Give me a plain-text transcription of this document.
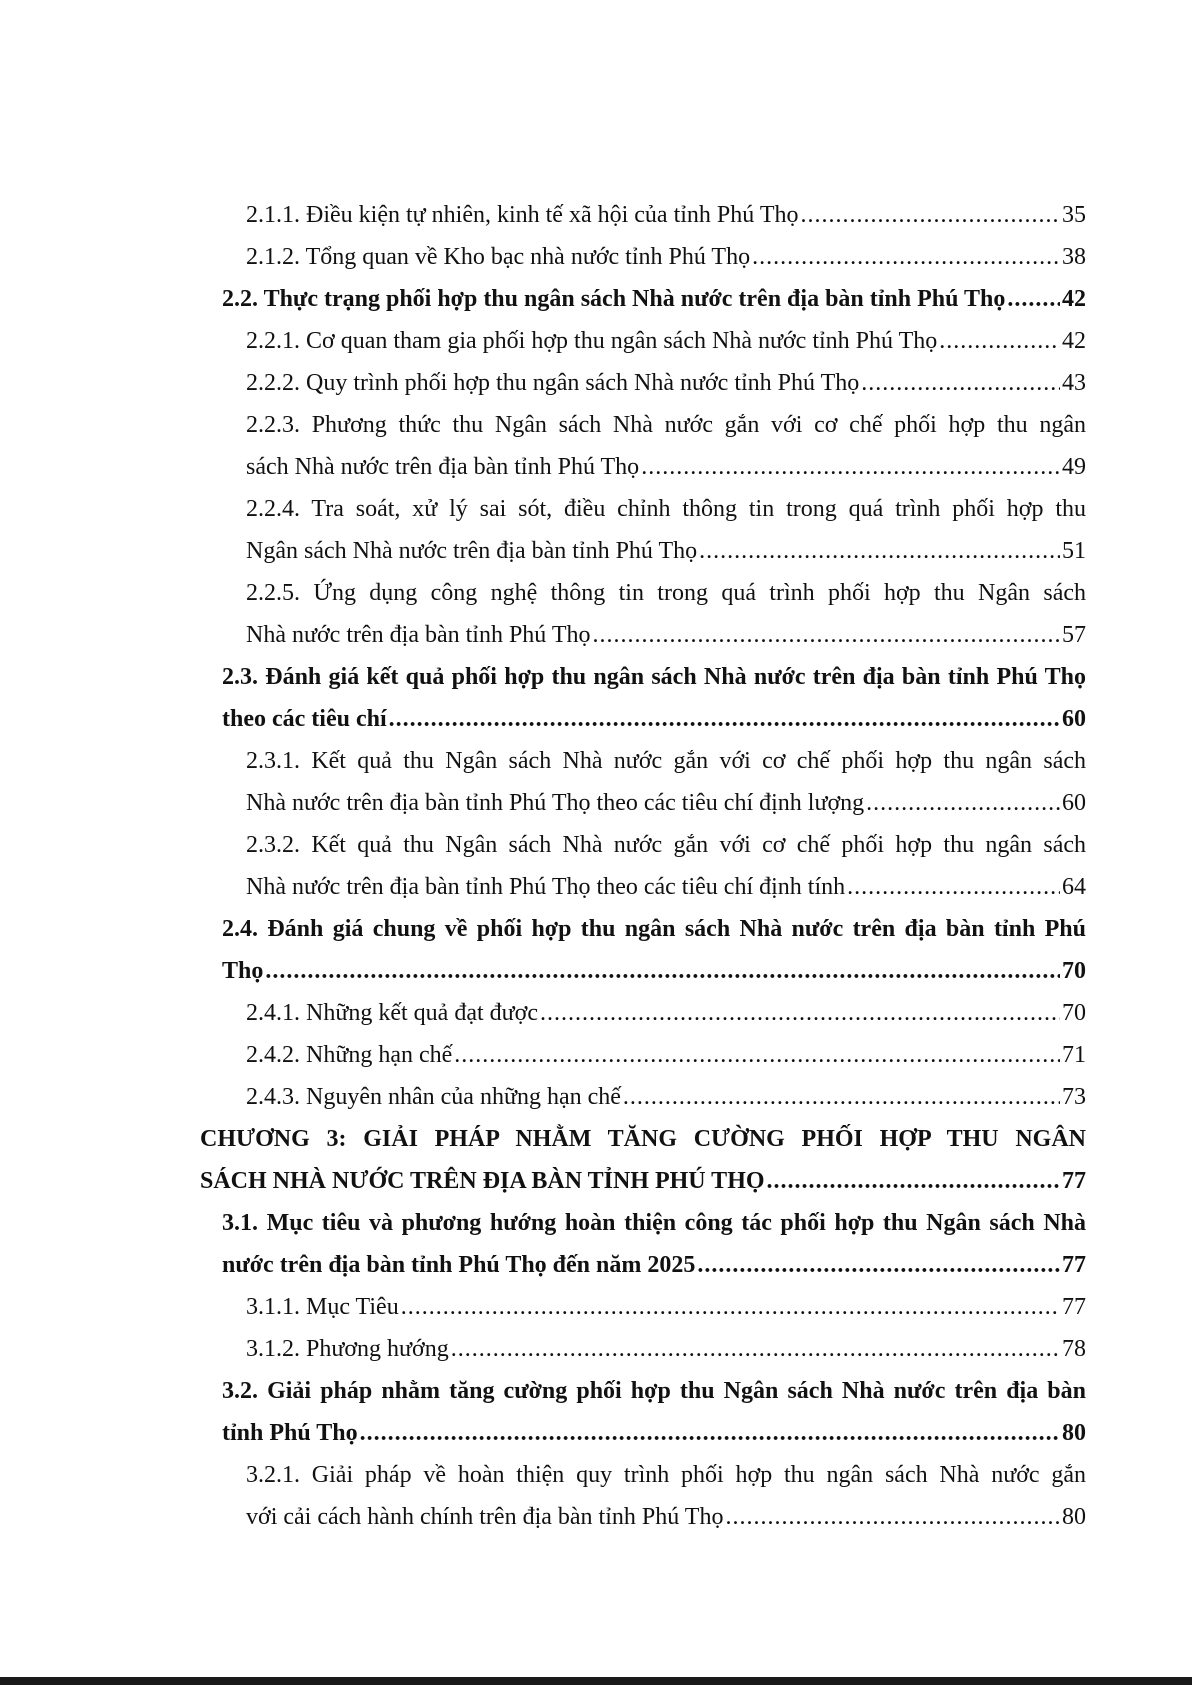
2.1.1. Điều kiện tự nhiên, kinh tế xã hội của tỉnh Phú Thọ .....	35
2.1.2. Tổng quan về Kho bạc nhà nước tỉnh Phú Thọ .....	38
2.2. Thực trạng phối hợp thu ngân sách Nhà nước trên địa bàn tỉnh Phú Thọ ..... 42
2.2.1. Cơ quan tham gia phối hợp thu ngân sách Nhà nước tỉnh Phú Thọ .....	42
2.2.2. Quy trình phối hợp thu ngân sách Nhà nước tỉnh Phú Thọ .....	43
2.2.3. Phương thức thu Ngân sách Nhà nước gắn với cơ chế phối hợp thu ngân
sách Nhà nước trên địa bàn tỉnh Phú Thọ .....	49
2.2.4. Tra soát, xử lý sai sót, điều chỉnh thông tin trong quá trình phối hợp thu
Ngân sách Nhà nước trên địa bàn tỉnh Phú Thọ .....	51
2.2.5. Ứng dụng công nghệ thông tin trong quá trình phối hợp thu Ngân sách
Nhà nước trên địa bàn tỉnh Phú Thọ .....	57
2.3. Đánh giá kết quả phối hợp thu ngân sách Nhà nước trên địa bàn tỉnh Phú Thọ
theo các tiêu chí .....	60
2.3.1. Kết quả thu Ngân sách Nhà nước gắn với cơ chế phối hợp thu ngân sách
Nhà nước trên địa bàn tỉnh Phú Thọ theo các tiêu chí định lượng .....	60
2.3.2. Kết quả thu Ngân sách Nhà nước gắn với cơ chế phối hợp thu ngân sách
Nhà nước trên địa bàn tỉnh Phú Thọ theo các tiêu chí định tính .....	64
2.4. Đánh giá chung về phối hợp thu ngân sách Nhà nước trên địa bàn tỉnh Phú
Thọ .....	70
2.4.1. Những kết quả đạt được .....	70
2.4.2. Những hạn chế .....	71
2.4.3. Nguyên nhân của những hạn chế .....	73
CHƯƠNG 3: GIẢI PHÁP NHẰM TĂNG CƯỜNG PHỐI HỢP THU NGÂN
SÁCH NHÀ NƯỚC TRÊN ĐỊA BÀN TỈNH PHÚ THỌ .....	77
3.1. Mục tiêu và phương hướng hoàn thiện công tác phối hợp thu Ngân sách Nhà
nước trên địa bàn tỉnh Phú Thọ đến năm 2025 .....	77
3.1.1. Mục Tiêu .....	77
3.1.2. Phương hướng .....	78
3.2. Giải pháp nhằm tăng cường phối hợp thu Ngân sách Nhà nước trên địa bàn
tỉnh Phú Thọ .....	80
3.2.1. Giải pháp về hoàn thiện quy trình phối hợp thu ngân sách Nhà nước gắn
với cải cách hành chính trên địa bàn tỉnh Phú Thọ .....	80
